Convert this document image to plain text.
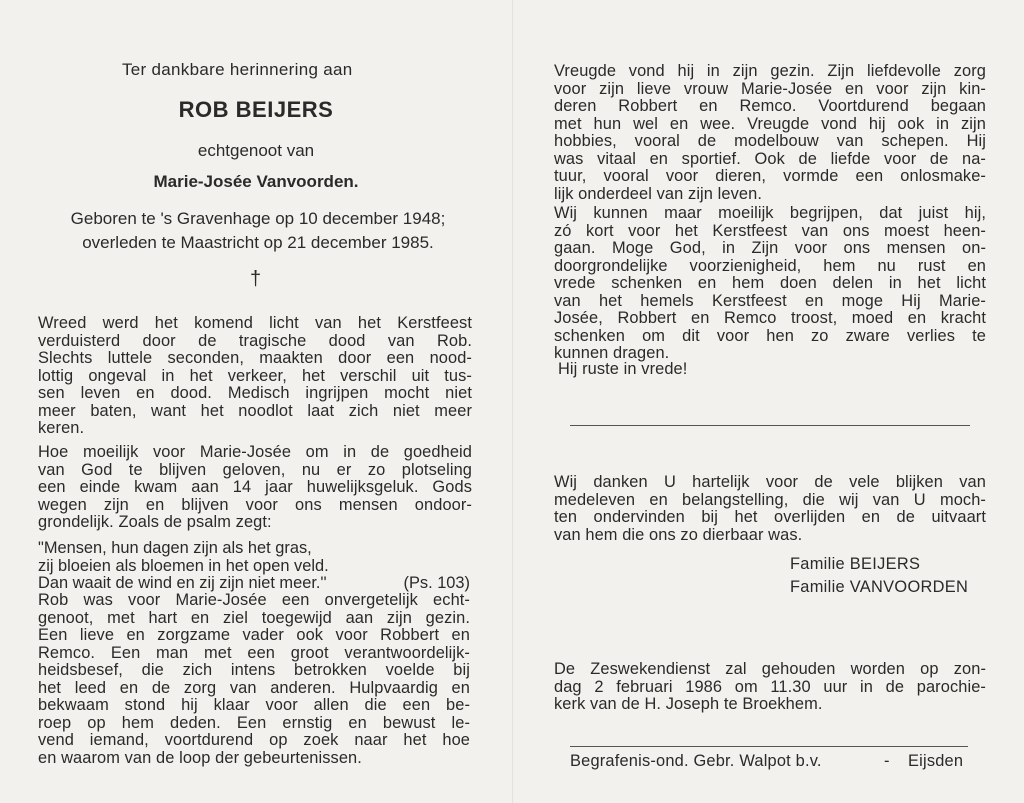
Ter dankbare herinnering aan
ROB BEIJERS
echtgenoot van
Marie-Josée Vanvoorden.
Geboren te 's Gravenhage op 10 december 1948;
overleden te Maastricht op 21 december 1985.
†
Wreed werd het komend licht van het Kerstfeest
verduisterd door de tragische dood van Rob.
Slechts luttele seconden, maakten door een nood-
lottig ongeval in het verkeer, het verschil uit tus-
sen leven en dood. Medisch ingrijpen mocht niet
meer baten, want het noodlot laat zich niet meer
keren.
Hoe moeilijk voor Marie-Josée om in de goedheid
van God te blijven geloven, nu er zo plotseling
een einde kwam aan 14 jaar huwelijksgeluk. Gods
wegen zijn en blijven voor ons mensen ondoor-
grondelijk. Zoals de psalm zegt:
"Mensen, hun dagen zijn als het gras,
zij bloeien als bloemen in het open veld.
Dan waait de wind en zij zijn niet meer.''	(Ps. 103)
Rob was voor Marie-Josée een onvergetelijk echt-
genoot, met hart en ziel toegewijd aan zijn gezin.
Een lieve en zorgzame vader ook voor Robbert en
Remco. Een man met een groot verantwoordelijk-
heidsbesef, die zich intens betrokken voelde bij
het leed en de zorg van anderen. Hulpvaardig en
bekwaam stond hij klaar voor allen die een be-
roep op hem deden. Een ernstig en bewust le-
vend iemand, voortdurend op zoek naar het hoe
en waarom van de loop der gebeurtenissen.
Vreugde vond hij in zijn gezin. Zijn liefdevolle zorg
voor zijn lieve vrouw Marie-Josée en voor zijn kin-
deren Robbert en Remco. Voortdurend begaan
met hun wel en wee. Vreugde vond hij ook in zijn
hobbies, vooral de modelbouw van schepen. Hij
was vitaal en sportief. Ook de liefde voor de na-
tuur, vooral voor dieren, vormde een onlosmake-
lijk onderdeel van zijn leven.
Wij kunnen maar moeilijk begrijpen, dat juist hij,
zó kort voor het Kerstfeest van ons moest heen-
gaan. Moge God, in Zijn voor ons mensen on-
doorgrondelijke voorzienigheid, hem nu rust en
vrede schenken en hem doen delen in het licht
van het hemels Kerstfeest en moge Hij Marie-
Josée, Robbert en Remco troost, moed en kracht
schenken om dit voor hen zo zware verlies te
kunnen dragen.
Hij ruste in vrede!
Wij danken U hartelijk voor de vele blijken van
medeleven en belangstelling, die wij van U moch-
ten ondervinden bij het overlijden en de uitvaart
van hem die ons zo dierbaar was.
Familie BEIJERS
Familie VANVOORDEN
De Zeswekendienst zal gehouden worden op zon-
dag 2 februari 1986 om 11.30 uur in de parochie-
kerk van de H. Joseph te Broekhem.
Begrafenis-ond. Gebr. Walpot b.v.	- Eijsden
